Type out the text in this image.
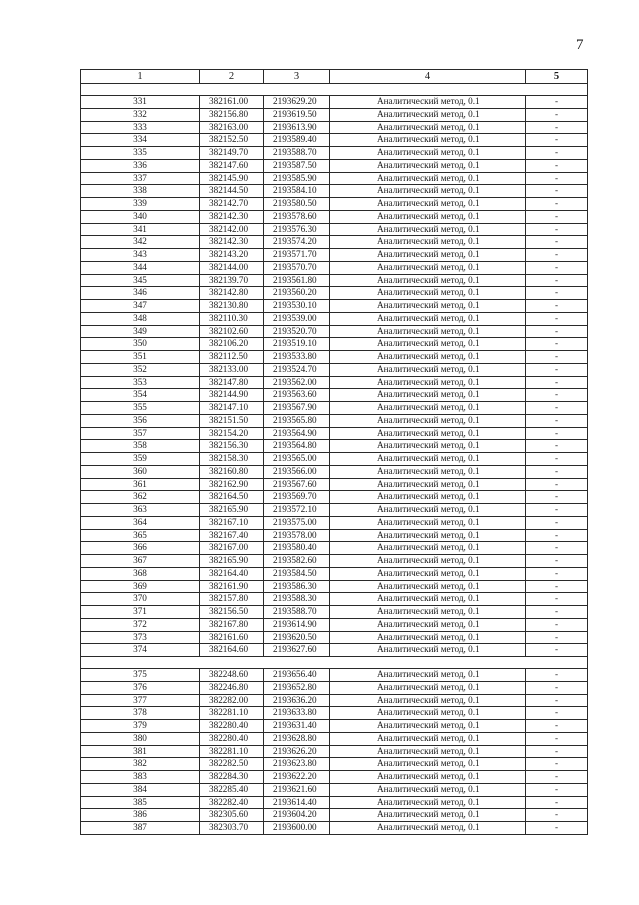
7
1	2	3	4	5

331	382161.00	2193629.20	Аналитический метод, 0.1	-
332	382156.80	2193619.50	Аналитический метод, 0.1	-
333	382163.00	2193613.90	Аналитический метод, 0.1	-
334	382152.50	2193589.40	Аналитический метод, 0.1	-
335	382149.70	2193588.70	Аналитический метод, 0.1	-
336	382147.60	2193587.50	Аналитический метод, 0.1	-
337	382145.90	2193585.90	Аналитический метод, 0.1	-
338	382144.50	2193584.10	Аналитический метод, 0.1	-
339	382142.70	2193580.50	Аналитический метод, 0.1	-
340	382142.30	2193578.60	Аналитический метод, 0.1	-
341	382142.00	2193576.30	Аналитический метод, 0.1	-
342	382142.30	2193574.20	Аналитический метод, 0.1	-
343	382143.20	2193571.70	Аналитический метод, 0.1	-
344	382144.00	2193570.70	Аналитический метод, 0.1	-
345	382139.70	2193561.80	Аналитический метод, 0.1	-
346	382142.80	2193560.20	Аналитический метод, 0.1	-
347	382130.80	2193530.10	Аналитический метод, 0.1	-
348	382110.30	2193539.00	Аналитический метод, 0.1	-
349	382102.60	2193520.70	Аналитический метод, 0.1	-
350	382106.20	2193519.10	Аналитический метод, 0.1	-
351	382112.50	2193533.80	Аналитический метод, 0.1	-
352	382133.00	2193524.70	Аналитический метод, 0.1	-
353	382147.80	2193562.00	Аналитический метод, 0.1	-
354	382144.90	2193563.60	Аналитический метод, 0.1	-
355	382147.10	2193567.90	Аналитический метод, 0.1	-
356	382151.50	2193565.80	Аналитический метод, 0.1	-
357	382154.20	2193564.90	Аналитический метод, 0.1	-
358	382156.30	2193564.80	Аналитический метод, 0.1	-
359	382158.30	2193565.00	Аналитический метод, 0.1	-
360	382160.80	2193566.00	Аналитический метод, 0.1	-
361	382162.90	2193567.60	Аналитический метод, 0.1	-
362	382164.50	2193569.70	Аналитический метод, 0.1	-
363	382165.90	2193572.10	Аналитический метод, 0.1	-
364	382167.10	2193575.00	Аналитический метод, 0.1	-
365	382167.40	2193578.00	Аналитический метод, 0.1	-
366	382167.00	2193580.40	Аналитический метод, 0.1	-
367	382165.90	2193582.60	Аналитический метод, 0.1	-
368	382164.40	2193584.50	Аналитический метод, 0.1	-
369	382161.90	2193586.30	Аналитический метод, 0.1	-
370	382157.80	2193588.30	Аналитический метод, 0.1	-
371	382156.50	2193588.70	Аналитический метод, 0.1	-
372	382167.80	2193614.90	Аналитический метод, 0.1	-
373	382161.60	2193620.50	Аналитический метод, 0.1	-
374	382164.60	2193627.60	Аналитический метод, 0.1	-

375	382248.60	2193656.40	Аналитический метод, 0.1	-
376	382246.80	2193652.80	Аналитический метод, 0.1	-
377	382282.00	2193636.20	Аналитический метод, 0.1	-
378	382281.10	2193633.80	Аналитический метод, 0.1	-
379	382280.40	2193631.40	Аналитический метод, 0.1	-
380	382280.40	2193628.80	Аналитический метод, 0.1	-
381	382281.10	2193626.20	Аналитический метод, 0.1	-
382	382282.50	2193623.80	Аналитический метод, 0.1	-
383	382284.30	2193622.20	Аналитический метод, 0.1	-
384	382285.40	2193621.60	Аналитический метод, 0.1	-
385	382282.40	2193614.40	Аналитический метод, 0.1	-
386	382305.60	2193604.20	Аналитический метод, 0.1	-
387	382303.70	2193600.00	Аналитический метод, 0.1	-
